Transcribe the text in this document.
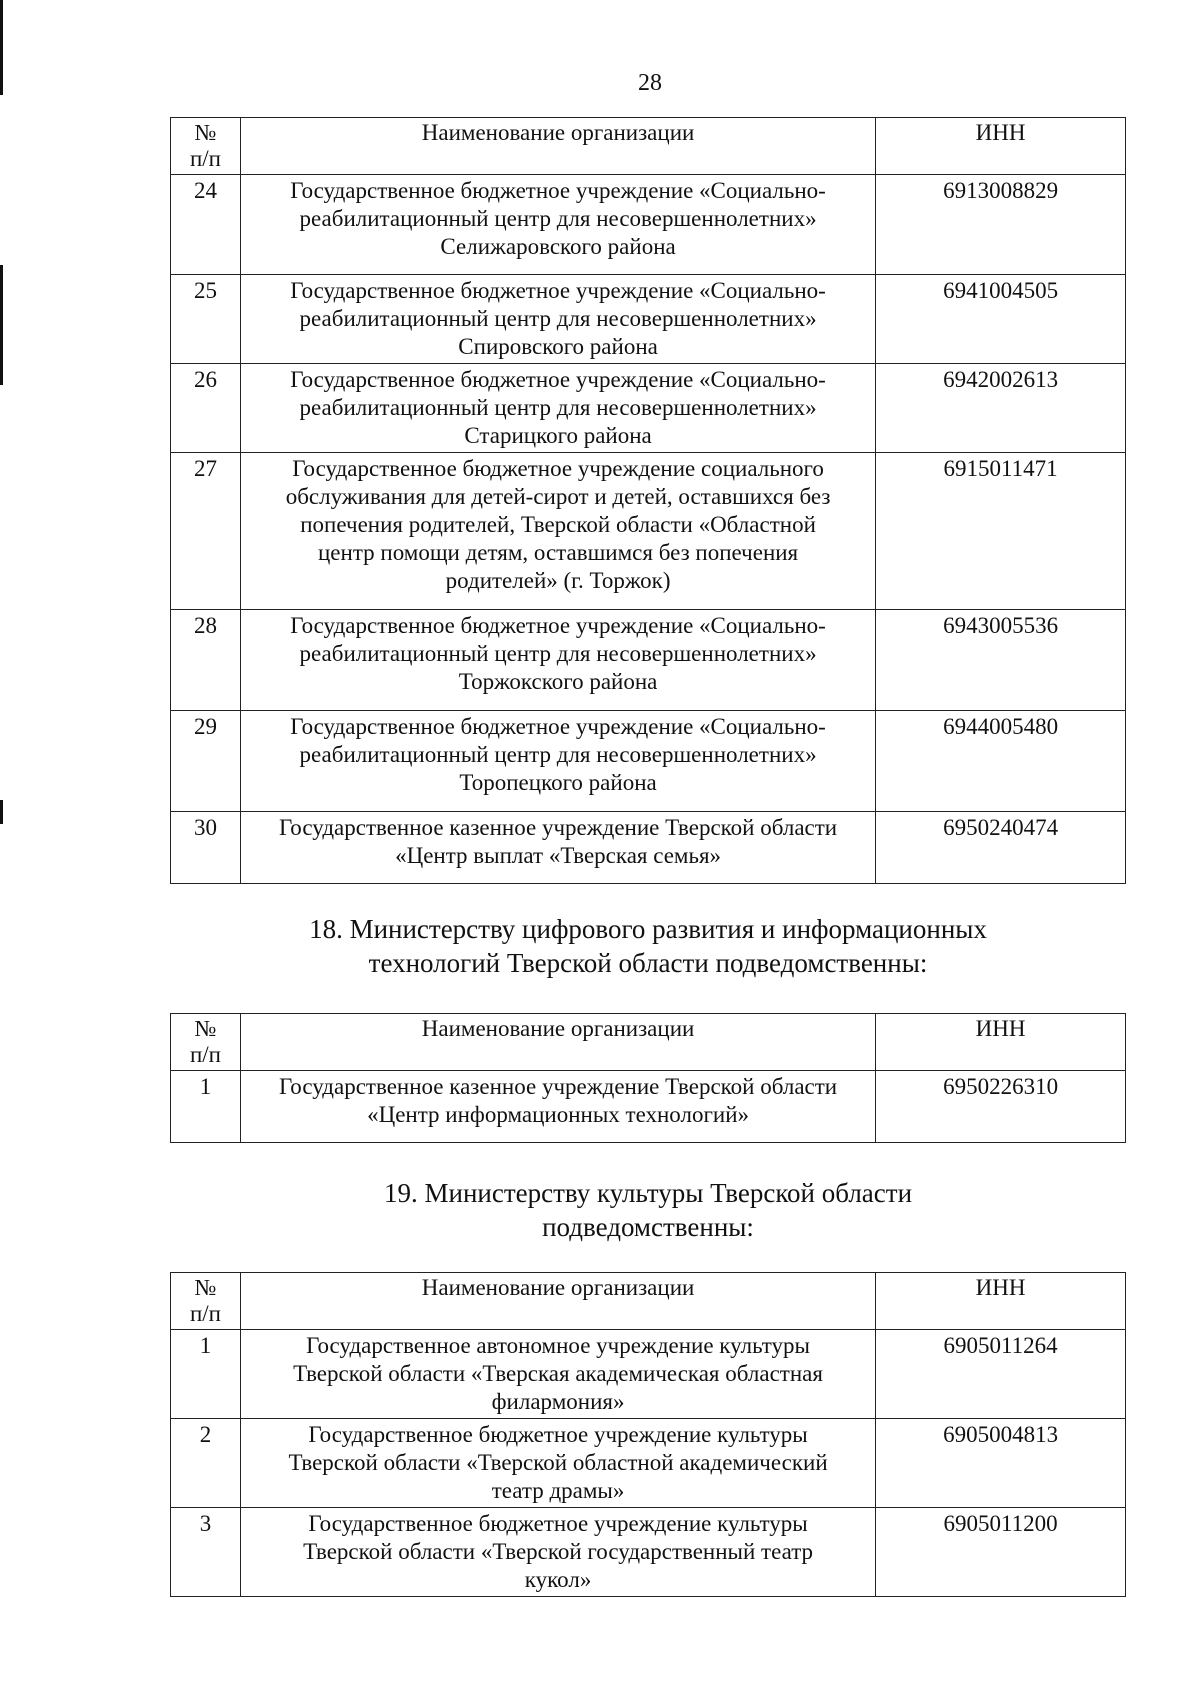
28
№
п/п	Наименование организации	ИНН
24	Государственное бюджетное учреждение «Социально-
реабилитационный центр для несовершеннолетних»
Селижаровского района	6913008829
25	Государственное бюджетное учреждение «Социально-
реабилитационный центр для несовершеннолетних»
Спировского района	6941004505
26	Государственное бюджетное учреждение «Социально-
реабилитационный центр для несовершеннолетних»
Старицкого района	6942002613
27	Государственное бюджетное учреждение социального
обслуживания для детей-сирот и детей, оставшихся без
попечения родителей, Тверской области «Областной
центр помощи детям, оставшимся без попечения
родителей» (г. Торжок)	6915011471
28	Государственное бюджетное учреждение «Социально-
реабилитационный центр для несовершеннолетних»
Торжокского района	6943005536
29	Государственное бюджетное учреждение «Социально-
реабилитационный центр для несовершеннолетних»
Торопецкого района	6944005480
30	Государственное казенное учреждение Тверской области
«Центр выплат «Тверская семья»	6950240474
18. Министерству цифрового развития и информационных
технологий Тверской области подведомственны:
№
п/п	Наименование организации	ИНН
1	Государственное казенное учреждение Тверской области
«Центр информационных технологий»	6950226310
19. Министерству культуры Тверской области
подведомственны:
№
п/п	Наименование организации	ИНН
1	Государственное автономное учреждение культуры
Тверской области «Тверская академическая областная
филармония»	6905011264
2	Государственное бюджетное учреждение культуры
Тверской области «Тверской областной академический
театр драмы»	6905004813
3	Государственное бюджетное учреждение культуры
Тверской области «Тверской государственный театр
кукол»	6905011200
